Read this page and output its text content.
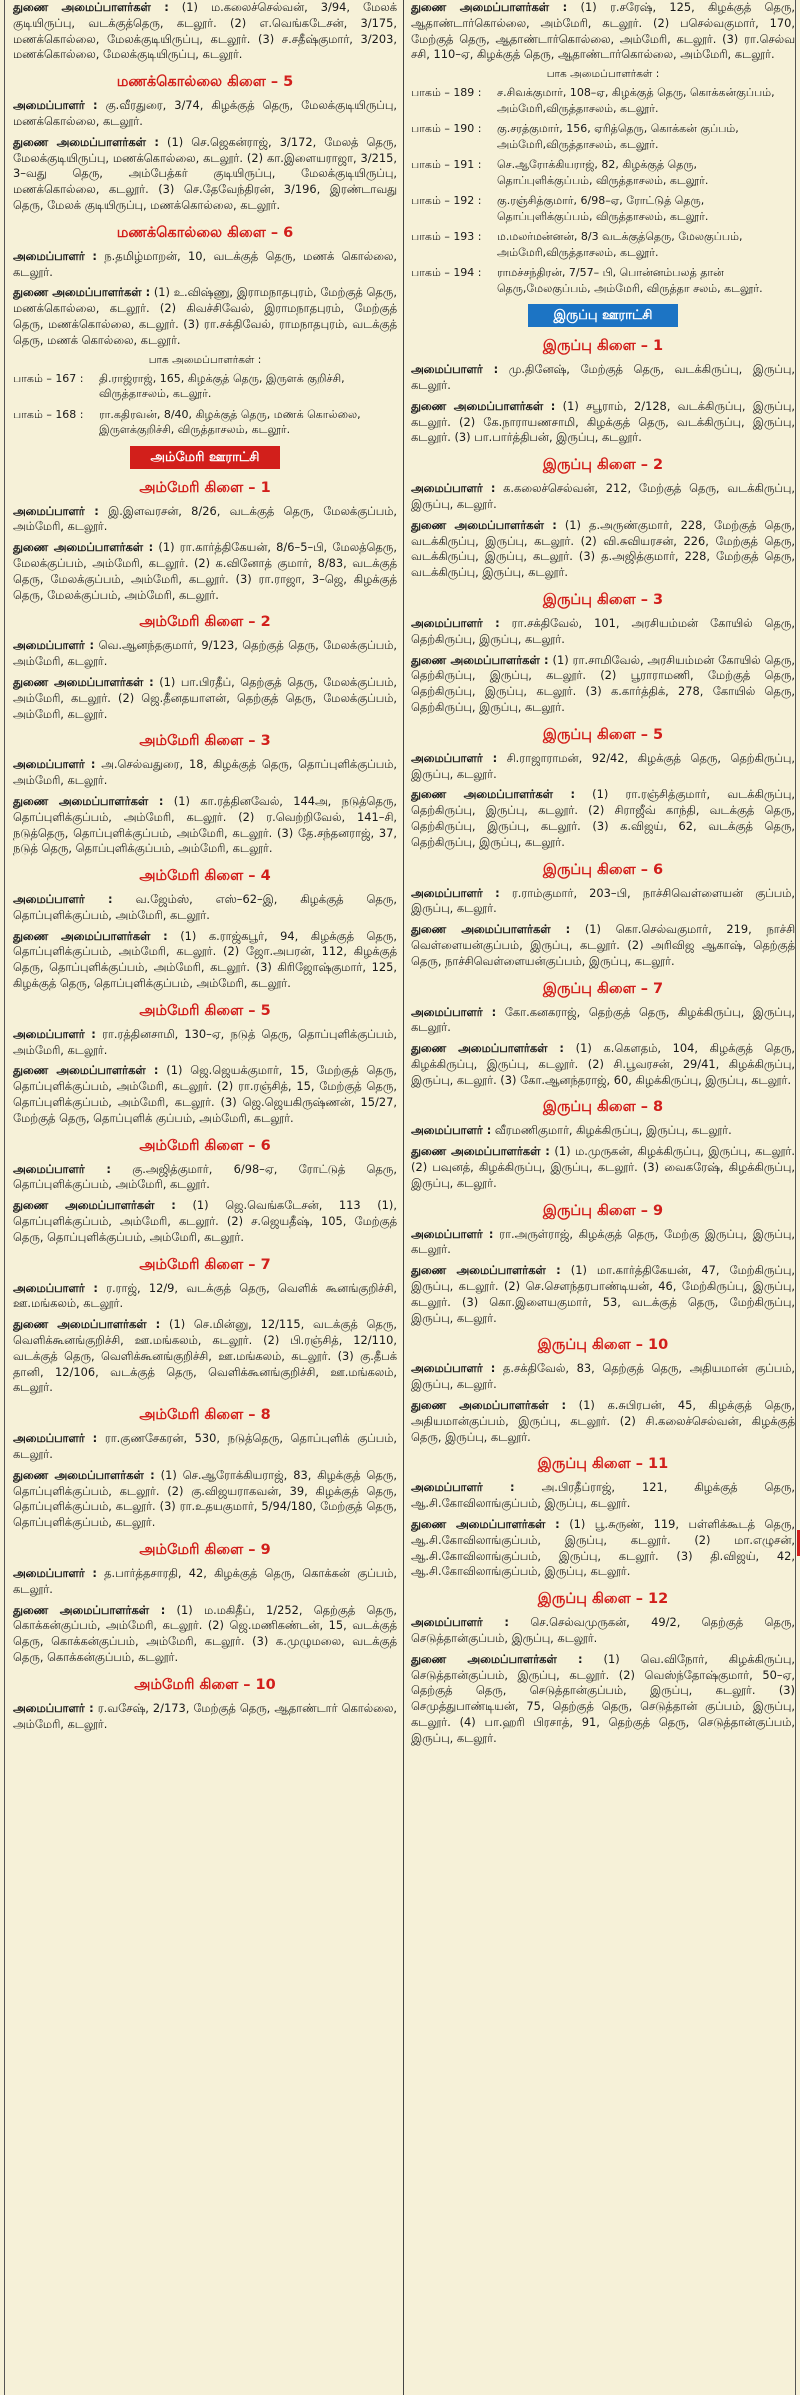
துணை அமைப்பாளர்கள் : (1) ம.கலைச்செல்வன், 3/94, மேலக் குடியிருப்பு, வடக்குத்தெரு, கடலூர். (2) எ.வெங்கடேசன், 3/175, மணக்கொல்லை, மேலக்குடியிருப்பு, கடலூர். (3) ச.சதீஷ்குமார், 3/203, மணக்கொல்லை, மேலக்குடியிருப்பு, கடலூர்.

மணக்கொல்லை கிளை – 5

அமைப்பாளர் : கு.வீரதுரை, 3/74, கிழக்குத் தெரு, மேலக்குடியிருப்பு, மணக்கொல்லை, கடலூர்.

துணை அமைப்பாளர்கள் : (1) செ.ஜெகன்ராஜ், 3/172, மேலத் தெரு, மேலக்குடியிருப்பு, மணக்கொல்லை, கடலூர். (2) கா.இளையராஜா, 3/215, 3–வது தெரு, அம்பேத்கர் குடியிருப்பு, மேலக்குடியிருப்பு, மணக்கொல்லை, கடலூர். (3) செ.தேவேந்திரன், 3/196, இரண்டாவது தெரு, மேலக் குடியிருப்பு, மணக்கொல்லை, கடலூர்.

மணக்கொல்லை கிளை – 6

அமைப்பாளர் : ந.தமிழ்மாறன், 10, வடக்குத் தெரு, மணக் கொல்லை, கடலூர்.

துணை அமைப்பாளர்கள் : (1) உ.விஷ்ணு, இராமநாதபுரம், மேற்குத் தெரு, மணக்கொல்லை, கடலூர். (2) கிவச்சிவேல், இராமநாதபுரம், மேற்குத் தெரு, மணக்கொல்லை, கடலூர். (3) ரா.சக்திவேல், ராமநாதபுரம், வடக்குத் தெரு, மணக் கொல்லை, கடலூர்.

பாக அமைப்பாளர்கள் :
பாகம் – 167 :	தி.ராஜ்ராஜ், 165, கிழக்குத் தெரு, இருளக் குறிச்சி, விருத்தாசலம், கடலூர்.
பாகம் – 168 :	ரா.கதிரவன், 8/40, கிழக்குத் தெரு, மணக் கொல்லை, இருளக்குறிச்சி, விருத்தாசலம், கடலூர்.
அம்மேரி ஊராட்சி
அம்மேரி கிளை – 1

அமைப்பாளர் : இ.இளவரசன், 8/26, வடக்குத் தெரு, மேலக்குப்பம், அம்மேரி, கடலூர்.

துணை அமைப்பாளர்கள் : (1) ரா.கார்த்திகேயன், 8/6–5–பி, மேலத்தெரு, மேலக்குப்பம், அம்மேரி, கடலூர். (2) க.வினோத் குமார், 8/83, வடக்குத் தெரு, மேலக்குப்பம், அம்மேரி, கடலூர். (3) ரா.ராஜா, 3–ஜெ, கிழக்குத் தெரு, மேலக்குப்பம், அம்மேரி, கடலூர்.

அம்மேரி கிளை – 2

அமைப்பாளர் : வெ.ஆனந்தகுமார், 9/123, தெற்குத் தெரு, மேலக்குப்பம், அம்மேரி, கடலூர்.

துணை அமைப்பாளர்கள் : (1) பா.பிரதீப், தெற்குத் தெரு, மேலக்குப்பம், அம்மேரி, கடலூர். (2) ஜெ.தீனதயாளன், தெற்குத் தெரு, மேலக்குப்பம், அம்மேரி, கடலூர்.

அம்மேரி கிளை – 3

அமைப்பாளர் : அ.செல்வதுரை, 18, கிழக்குத் தெரு, தொப்புளிக்குப்பம், அம்மேரி, கடலூர்.

துணை அமைப்பாளர்கள் : (1) கா.ரத்தினவேல், 144அ, நடுத்தெரு, தொப்புளிக்குப்பம், அம்மேரி, கடலூர். (2) ர.வெற்றிவேல், 141–சி, நடுத்தெரு, தொப்புளிக்குப்பம், அம்மேரி, கடலூர். (3) தே.சந்தனராஜ், 37, நடுத் தெரு, தொப்புளிக்குப்பம், அம்மேரி, கடலூர்.

அம்மேரி கிளை – 4

அமைப்பாளர் : வ.ஜேம்ஸ், எஸ்–62–இ, கிழக்குத் தெரு, தொப்புளிக்குப்பம், அம்மேரி, கடலூர்.

துணை அமைப்பாளர்கள் : (1) க.ராஜ்கபூர், 94, கிழக்குத் தெரு, தொப்புளிக்குப்பம், அம்மேரி, கடலூர். (2) ஜோ.அபரன், 112, கிழக்குத் தெரு, தொப்புளிக்குப்பம், அம்மேரி, கடலூர். (3) கிரிஜோஷ்குமார், 125, கிழக்குத் தெரு, தொப்புளிக்குப்பம், அம்மேரி, கடலூர்.

அம்மேரி கிளை – 5

அமைப்பாளர் : ரா.ரத்தினசாமி, 130–ஏ, நடுத் தெரு, தொப்புளிக்குப்பம், அம்மேரி, கடலூர்.

துணை அமைப்பாளர்கள் : (1) ஜெ.ஜெயக்குமார், 15, மேற்குத் தெரு, தொப்புளிக்குப்பம், அம்மேரி, கடலூர். (2) ரா.ரஞ்சித், 15, மேற்குத் தெரு, தொப்புளிக்குப்பம், அம்மேரி, கடலூர். (3) ஜெ.ஜெயகிருஷ்ணன், 15/27, மேற்குத் தெரு, தொப்புளிக் குப்பம், அம்மேரி, கடலூர்.

அம்மேரி கிளை – 6

அமைப்பாளர் : கு.அஜித்குமார், 6/98–ஏ, ரோட்டுத் தெரு, தொப்புளிக்குப்பம், அம்மேரி, கடலூர்.

துணை அமைப்பாளர்கள் : (1) ஜெ.வெங்கடேசன், 113 (1), தொப்புளிக்குப்பம், அம்மேரி, கடலூர். (2) ச.ஜெயதீஷ், 105, மேற்குத் தெரு, தொப்புளிக்குப்பம், அம்மேரி, கடலூர்.

அம்மேரி கிளை – 7

அமைப்பாளர் : ர.ராஜ், 12/9, வடக்குத் தெரு, வெளிக் கூனங்குறிச்சி, ஊ.மங்கலம், கடலூர்.

துணை அமைப்பாளர்கள் : (1) செ.மின்னு, 12/115, வடக்குத் தெரு, வெளிக்கூனங்குறிச்சி, ஊ.மங்கலம், கடலூர். (2) பி.ரஞ்சித், 12/110, வடக்குத் தெரு, வெளிக்கூனங்குறிச்சி, ஊ.மங்கலம், கடலூர். (3) கு.தீபக் தானி, 12/106, வடக்குத் தெரு, வெளிக்கூனங்குறிச்சி, ஊ.மங்கலம், கடலூர்.

அம்மேரி கிளை – 8

அமைப்பாளர் : ரா.குணசேகரன், 530, நடுத்தெரு, தொப்புளிக் குப்பம், கடலூர்.

துணை அமைப்பாளர்கள் : (1) செ.ஆரோக்கியராஜ், 83, கிழக்குத் தெரு, தொப்புளிக்குப்பம், கடலூர். (2) கு.விஜயராகவன், 39, கிழக்குத் தெரு, தொப்புளிக்குப்பம், கடலூர். (3) ரா.உதயகுமார், 5/94/180, மேற்குத் தெரு, தொப்புளிக்குப்பம், கடலூர்.

அம்மேரி கிளை – 9

அமைப்பாளர் : த.பார்த்தசாரதி, 42, கிழக்குத் தெரு, கொக்கன் குப்பம், கடலூர்.

துணை அமைப்பாளர்கள் : (1) ம.மகிதீப், 1/252, தெற்குத் தெரு, கொக்கன்குப்பம், அம்மேரி, கடலூர். (2) ஜெ.மணிகண்டன், 15, வடக்குத் தெரு, கொக்கன்குப்பம், அம்மேரி, கடலூர். (3) க.முழுமலை, வடக்குத் தெரு, கொக்கன்குப்பம், கடலூர்.

அம்மேரி கிளை – 10

அமைப்பாளர் : ர.வசேஷ், 2/173, மேற்குத் தெரு, ஆதாண்டார் கொல்லை, அம்மேரி, கடலூர்.

துணை அமைப்பாளர்கள் : (1) ர.சரேஷ், 125, கிழக்குத் தெரு, ஆதாண்டார்கொல்லை, அம்மேரி, கடலூர். (2) பசெல்வகுமார், 170, மேற்குத் தெரு, ஆதாண்டார்கொல்லை, அம்மேரி, கடலூர். (3) ரா.செல்வ சசி, 110–ஏ, கிழக்குத் தெரு, ஆதாண்டார்கொல்லை, அம்மேரி, கடலூர்.

பாக அமைப்பாளர்கள் :
பாகம் – 189 :	ச.சிவக்குமார், 108–ஏ, கிழக்குத் தெரு, கொக்கன்குப்பம், அம்மேரி,விருத்தாசலம், கடலூர்.
பாகம் – 190 :	கு.சரத்குமார், 156, ஏரித்தெரு, கொக்கன் குப்பம், அம்மேரி,விருத்தாசலம், கடலூர்.
பாகம் – 191 :	செ.ஆரோக்கியராஜ், 82, கிழக்குத் தெரு, தொப்புளிக்குப்பம், விருத்தாசலம், கடலூர்.
பாகம் – 192 :	கு.ரஞ்சித்குமார், 6/98–ஏ, ரோட்டுத் தெரு, தொப்புளிக்குப்பம், விருத்தாசலம், கடலூர்.
பாகம் – 193 :	ம.மலர்மன்னன், 8/3 வடக்குத்தெரு, மேலகுப்பம், அம்மேரி,விருத்தாசலம், கடலூர்.
பாகம் – 194 :	ராமச்சந்திரன், 7/57– பி, பொன்னம்பலத் தான் தெரு,மேலகுப்பம், அம்மேரி, விருத்தா சலம், கடலூர்.
இருப்பு ஊராட்சி
இருப்பு கிளை – 1

அமைப்பாளர் : மு.தினேஷ், மேற்குத் தெரு, வடக்கிருப்பு, இருப்பு, கடலூர்.

துணை அமைப்பாளர்கள் : (1) சபூராம், 2/128, வடக்கிருப்பு, இருப்பு, கடலூர். (2) கே.நாராயணசாமி, கிழக்குத் தெரு, வடக்கிருப்பு, இருப்பு, கடலூர். (3) பா.பார்த்திபன், இருப்பு, கடலூர்.

இருப்பு கிளை – 2

அமைப்பாளர் : க.கலைச்செல்வன், 212, மேற்குத் தெரு, வடக்கிருப்பு, இருப்பு, கடலூர்.

துணை அமைப்பாளர்கள் : (1) த.அருண்குமார், 228, மேற்குத் தெரு, வடக்கிருப்பு, இருப்பு, கடலூர். (2) வி.சுவியரசன், 226, மேற்குத் தெரு, வடக்கிருப்பு, இருப்பு, கடலூர். (3) த.அஜித்குமார், 228, மேற்குத் தெரு, வடக்கிருப்பு, இருப்பு, கடலூர்.

இருப்பு கிளை – 3

அமைப்பாளர் : ரா.சக்திவேல், 101, அரசியம்மன் கோயில் தெரு, தெற்கிருப்பு, இருப்பு, கடலூர்.

துணை அமைப்பாளர்கள் : (1) ரா.சாமிவேல், அரசியம்மன் கோயில் தெரு, தெற்கிருப்பு, இருப்பு, கடலூர். (2) பூராராமணி, மேற்குத் தெரு, தெற்கிருப்பு, இருப்பு, கடலூர். (3) க.கார்த்திக், 278, கோயில் தெரு, தெற்கிருப்பு, இருப்பு, கடலூர்.

இருப்பு கிளை – 5

அமைப்பாளர் : சி.ராஜாராமன், 92/42, கிழக்குத் தெரு, தெற்கிருப்பு, இருப்பு, கடலூர்.

துணை அமைப்பாளர்கள் : (1) ரா.ரஞ்சித்குமார், வடக்கிருப்பு, தெற்கிருப்பு, இருப்பு, கடலூர். (2) சிராஜீவ் காந்தி, வடக்குத் தெரு, தெற்கிருப்பு, இருப்பு, கடலூர். (3) க.விஜய், 62, வடக்குத் தெரு, தெற்கிருப்பு, இருப்பு, கடலூர்.

இருப்பு கிளை – 6

அமைப்பாளர் : ர.ராம்குமார், 203–பி, நாச்சிவெள்ளையன் குப்பம், இருப்பு, கடலூர்.

துணை அமைப்பாளர்கள் : (1) கொ.செல்வகுமார், 219, நாச்சி வெள்ளையன்குப்பம், இருப்பு, கடலூர். (2) அரிவிஜ ஆகாஷ், தெற்குத் தெரு, நாச்சிவெள்ளையன்குப்பம், இருப்பு, கடலூர்.

இருப்பு கிளை – 7

அமைப்பாளர் : கோ.கனகராஜ், தெற்குத் தெரு, கிழக்கிருப்பு, இருப்பு, கடலூர்.

துணை அமைப்பாளர்கள் : (1) க.கௌதம், 104, கிழக்குத் தெரு, கிழக்கிருப்பு, இருப்பு, கடலூர். (2) சி.பூவரசன், 29/41, கிழக்கிருப்பு, இருப்பு, கடலூர். (3) கோ.ஆனந்தராஜ், 60, கிழக்கிருப்பு, இருப்பு, கடலூர்.

இருப்பு கிளை – 8

அமைப்பாளர் : வீரமணிகுமார், கிழக்கிருப்பு, இருப்பு, கடலூர்.

துணை அமைப்பாளர்கள் : (1) ம.முருகன், கிழக்கிருப்பு, இருப்பு, கடலூர். (2) பவுனத், கிழக்கிருப்பு, இருப்பு, கடலூர். (3) வைகரேஷ், கிழக்கிருப்பு, இருப்பு, கடலூர்.

இருப்பு கிளை – 9

அமைப்பாளர் : ரா.அருள்ராஜ், கிழக்குத் தெரு, மேற்கு இருப்பு, இருப்பு, கடலூர்.

துணை அமைப்பாளர்கள் : (1) மா.கார்த்திகேயன், 47, மேற்கிருப்பு, இருப்பு, கடலூர். (2) செ.சௌந்தரபாண்டியன், 46, மேற்கிருப்பு, இருப்பு, கடலூர். (3) கொ.இளையகுமார், 53, வடக்குத் தெரு, மேற்கிருப்பு, இருப்பு, கடலூர்.

இருப்பு கிளை – 10

அமைப்பாளர் : த.சக்திவேல், 83, தெற்குத் தெரு, அதியமான் குப்பம், இருப்பு, கடலூர்.

துணை அமைப்பாளர்கள் : (1) க.சுபிரபன், 45, கிழக்குத் தெரு, அதியமான்குப்பம், இருப்பு, கடலூர். (2) சி.கலைச்செல்வன், கிழக்குத் தெரு, இருப்பு, கடலூர்.

இருப்பு கிளை – 11

அமைப்பாளர் : அ.பிரதீப்ராஜ், 121, கிழக்குத் தெரு, ஆ.சி.கோவிலாங்குப்பம், இருப்பு, கடலூர்.

துணை அமைப்பாளர்கள் : (1) பூ.சுருண், 119, பள்ளிக்கூடத் தெரு, ஆ.சி.கோவிலாங்குப்பம், இருப்பு, கடலூர். (2) மா.எழுசன், ஆ.சி.கோவிலாங்குப்பம், இருப்பு, கடலூர். (3) தி.விஜய், 42, ஆ.சி.கோவிலாங்குப்பம், இருப்பு, கடலூர்.

இருப்பு கிளை – 12

அமைப்பாளர் : செ.செல்வமுருகன், 49/2, தெற்குத் தெரு, செடுத்தான்குப்பம், இருப்பு, கடலூர்.

துணை அமைப்பாளர்கள் : (1) வெ.விநோர், கிழக்கிருப்பு, செடுத்தான்குப்பம், இருப்பு, கடலூர். (2) வெஸ்ந்தோஷ்குமார், 50–ஏ, தெற்குத் தெரு, செடுத்தான்குப்பம், இருப்பு, கடலூர். (3) செமுத்துபாண்டியன், 75, தெற்குத் தெரு, செடுத்தான் குப்பம், இருப்பு, கடலூர். (4) பா.ஹரி பிரசாத், 91, தெற்குத் தெரு, செடுத்தான்குப்பம், இருப்பு, கடலூர்.
